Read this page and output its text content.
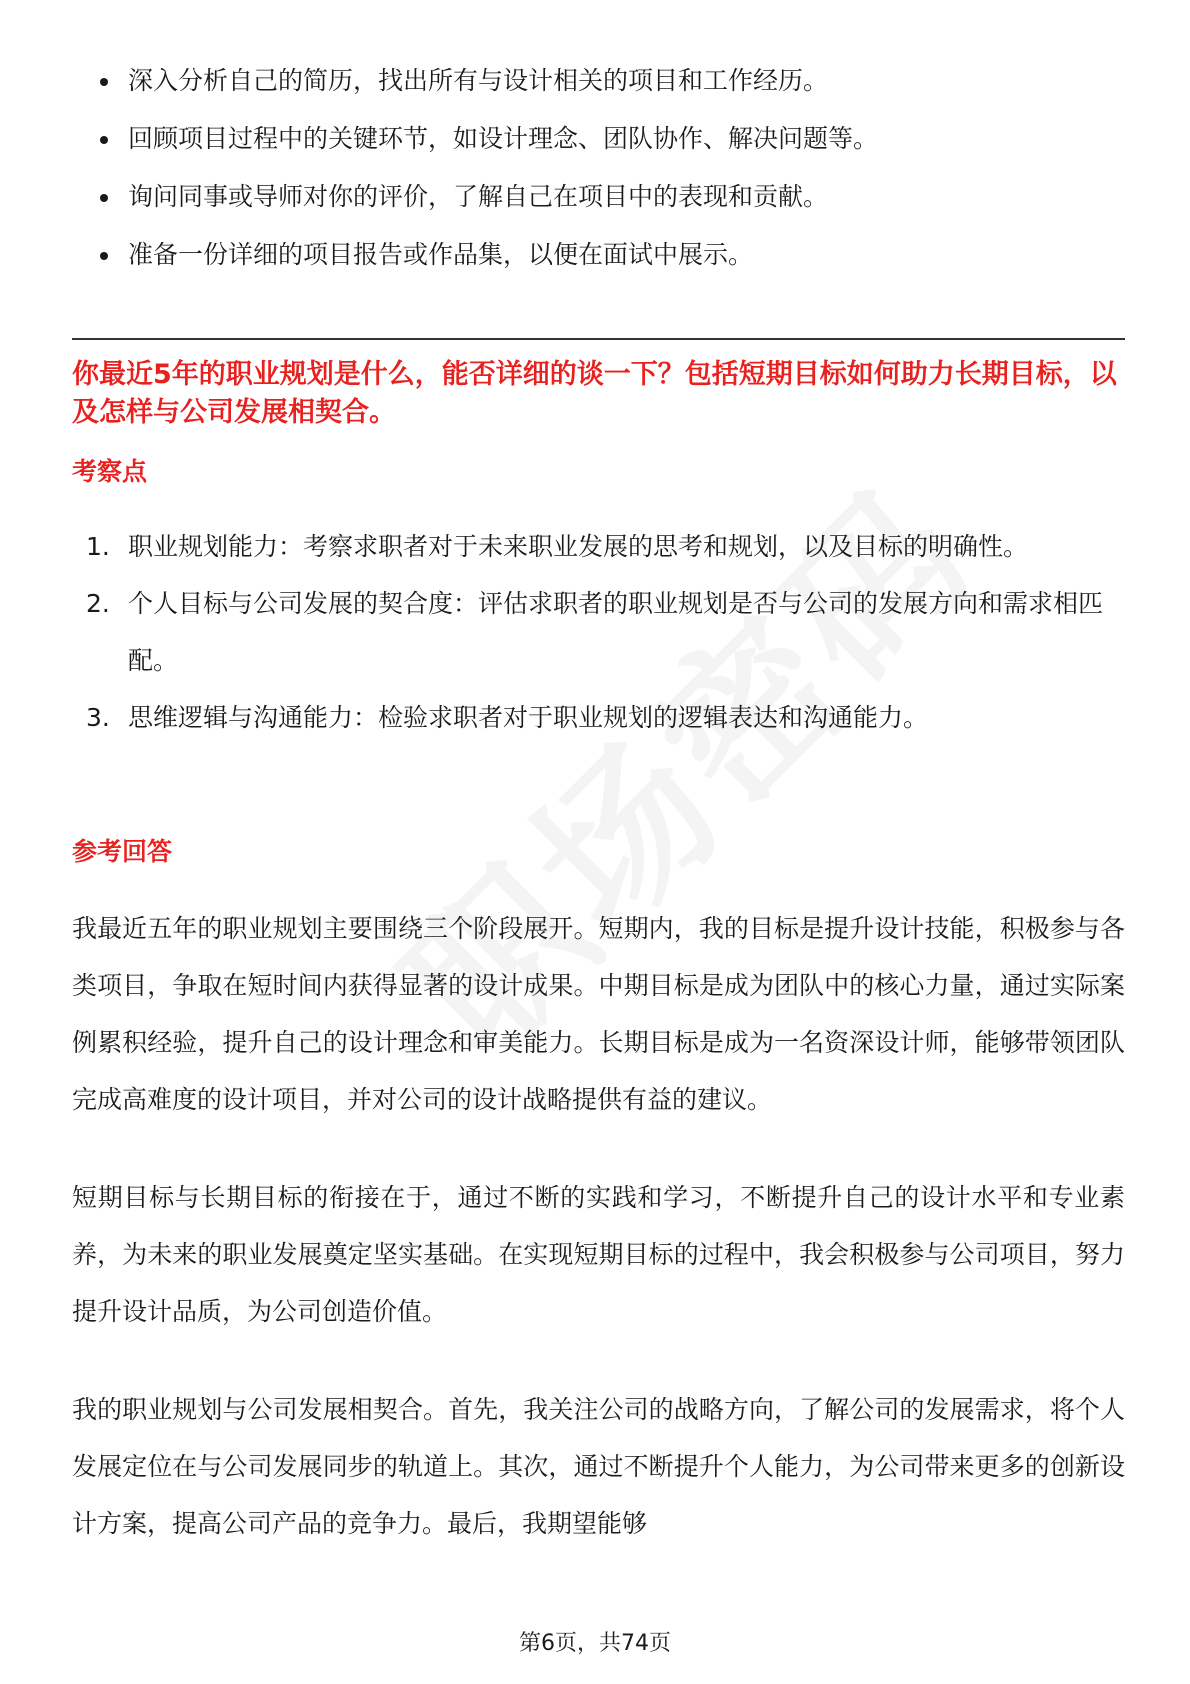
深入分析自己的简历，找出所有与设计相关的项目和工作经历。
回顾项目过程中的关键环节，如设计理念、团队协作、解决问题等。
询问同事或导师对你的评价，了解自己在项目中的表现和贡献。
准备一份详细的项目报告或作品集，以便在面试中展示。
你最近5年的职业规划是什么，能否详细的谈一下？包括短期目标如何助力长期目标，以及怎样与公司发展相契合。
考察点
1. 职业规划能力：考察求职者对于未来职业发展的思考和规划，以及目标的明确性。
2. 个人目标与公司发展的契合度：评估求职者的职业规划是否与公司的发展方向和需求相匹配。
3. 思维逻辑与沟通能力：检验求职者对于职业规划的逻辑表达和沟通能力。
参考回答

我最近五年的职业规划主要围绕三个阶段展开。短期内，我的目标是提升设计技能，积极参与各类项目，争取在短时间内获得显著的设计成果。中期目标是成为团队中的核心力量，通过实际案例累积经验，提升自己的设计理念和审美能力。长期目标是成为一名资深设计师，能够带领团队完成高难度的设计项目，并对公司的设计战略提供有益的建议。

短期目标与长期目标的衔接在于，通过不断的实践和学习，不断提升自己的设计水平和专业素养，为未来的职业发展奠定坚实基础。在实现短期目标的过程中，我会积极参与公司项目，努力提升设计品质，为公司创造价值。

我的职业规划与公司发展相契合。首先，我关注公司的战略方向，了解公司的发展需求，将个人发展定位在与公司发展同步的轨道上。其次，通过不断提升个人能力，为公司带来更多的创新设计方案，提高公司产品的竞争力。最后，我期望能够

第6页，共74页
